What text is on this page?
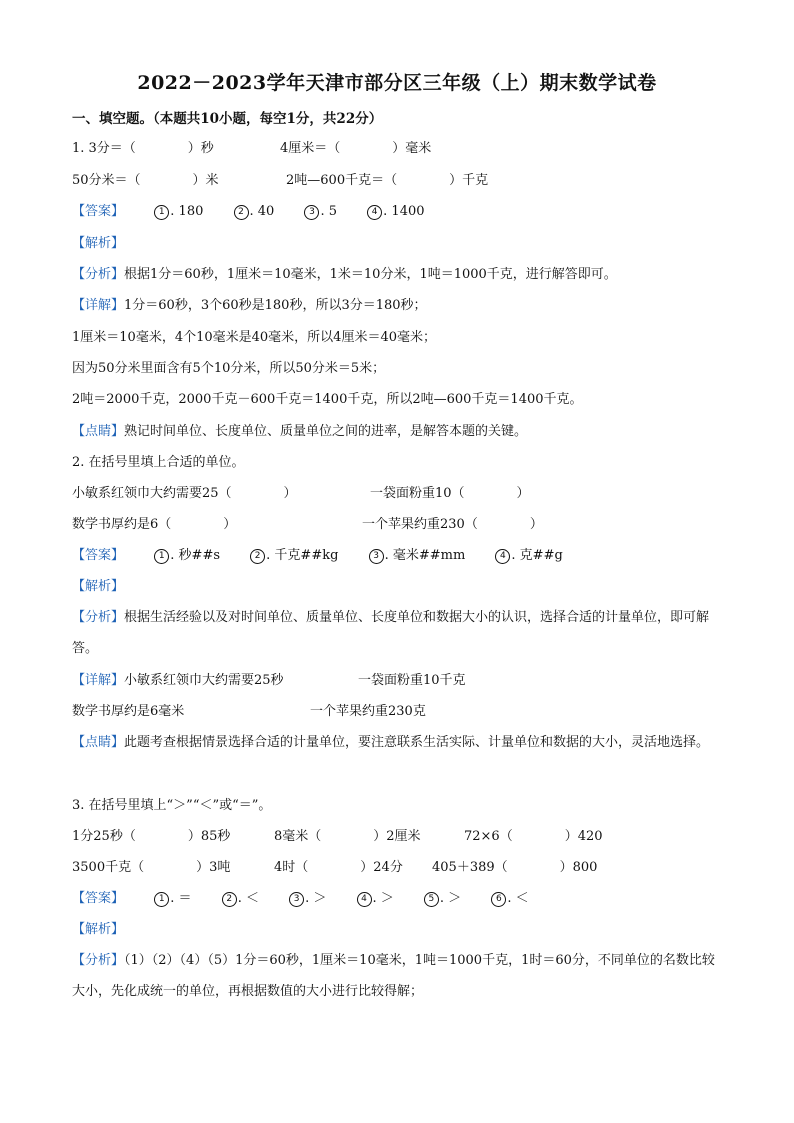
2022－2023学年天津市部分区三年级（上）期末数学试卷
一、填空题。（本题共10小题，每空1分，共22分）
1. 3分＝（　　　　）秒	4厘米＝（　　　　）毫米
50分米＝（　　　　）米	2吨—600千克＝（　　　　）千克
【答案】	1 . 180	2 . 40	3 . 5	4 . 1400
【解析】
【分析】根据1分＝60秒，1厘米＝10毫米，1米＝10分米，1吨＝1000千克，进行解答即可。
【详解】1分＝60秒，3个60秒是180秒，所以3分＝180秒；
1厘米＝10毫米，4个10毫米是40毫米，所以4厘米＝40毫米；
因为50分米里面含有5个10分米，所以50分米＝5米；
2吨＝2000千克，2000千克－600千克＝1400千克，所以2吨—600千克＝1400千克。
【点睛】熟记时间单位、长度单位、质量单位之间的进率，是解答本题的关键。
2. 在括号里填上合适的单位。
小敏系红领巾大约需要25（　　　　）	一袋面粉重10（　　　　）
数学书厚约是6（　　　　）	一个苹果约重230（　　　　）
【答案】	1 . 秒##s	2 . 千克##kg	3 . 毫米##mm	4 . 克##g
【解析】
【分析】根据生活经验以及对时间单位、质量单位、长度单位和数据大小的认识，选择合适的计量单位，即可解答。
【详解】小敏系红领巾大约需要25秒	一袋面粉重10千克
数学书厚约是6毫米	一个苹果约重230克
【点睛】此题考查根据情景选择合适的计量单位，要注意联系生活实际、计量单位和数据的大小，灵活地选择。
3. 在括号里填上“＞”“＜”或“＝”。
1分25秒（　　　　）85秒	8毫米（　　　　）2厘米	72×6（　　　　）420
3500千克（　　　　）3吨	4时（　　　　）24分 405＋389（　　　　）800
【答案】	1 . ＝	2 . ＜	3 . ＞	4 . ＞	5 . ＞	6 . ＜
【解析】
【分析】（1）（2）（4）（5）1分＝60秒，1厘米＝10毫米，1吨＝1000千克，1时＝60分，不同单位的名数比较大小，先化成统一的单位，再根据数值的大小进行比较得解；
